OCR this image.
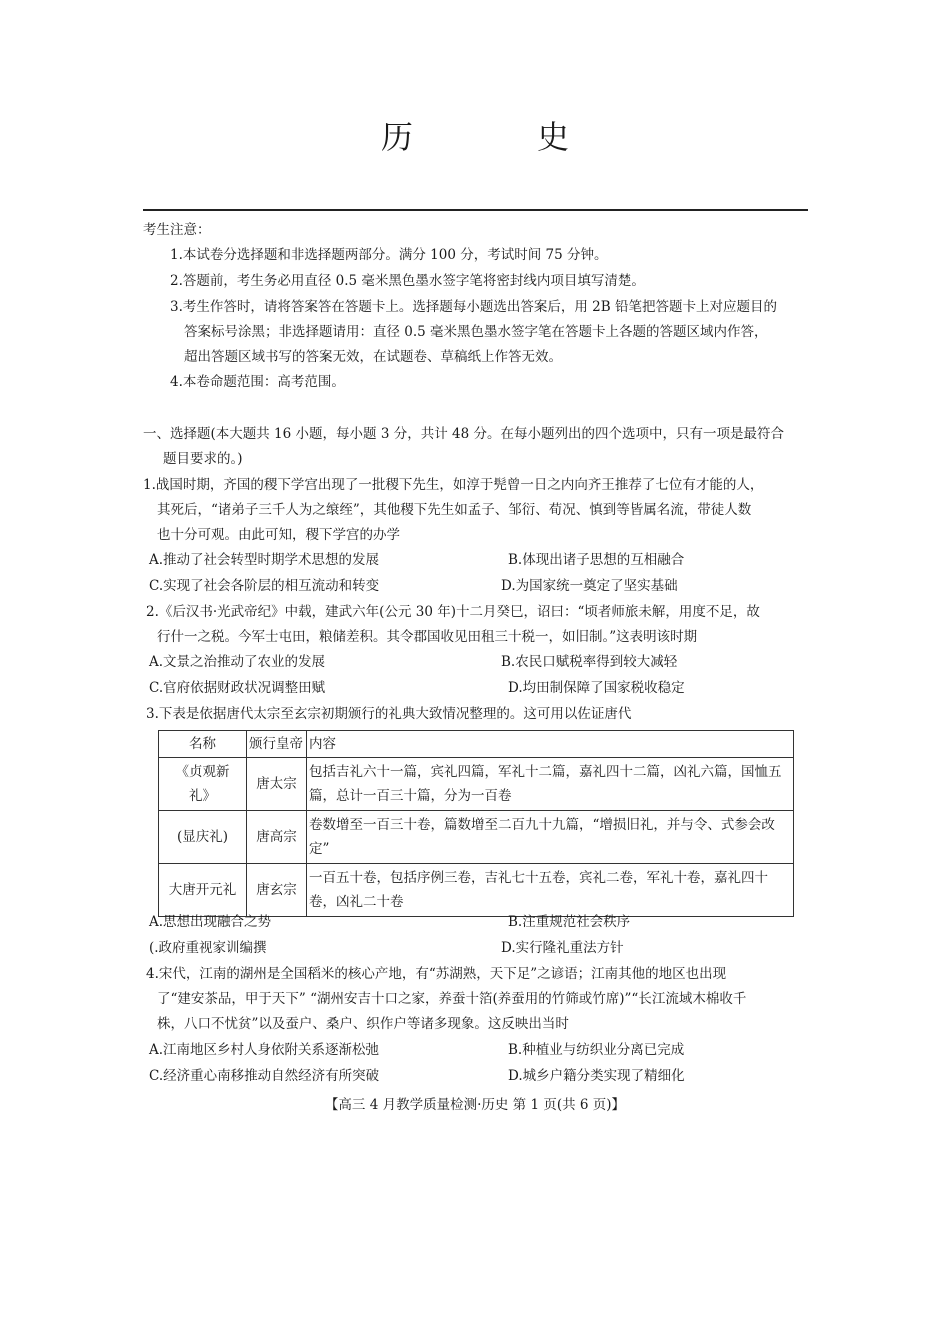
历　史
考生注意：
1.本试卷分选择题和非选择题两部分。满分 100 分，考试时间 75 分钟。
2.答题前，考生务必用直径 0.5 毫米黑色墨水签字笔将密封线内项目填写清楚。
3.考生作答时，请将答案答在答题卡上。选择题每小题选出答案后，用 2B 铅笔把答题卡上对应题目的
答案标号涂黑；非选择题请用：直径 0.5 毫米黑色墨水签字笔在答题卡上各题的答题区域内作答，
超出答题区域书写的答案无效，在试题卷、草稿纸上作答无效。
4.本卷命题范围：高考范围。
一、选择题(本大题共 16 小题，每小题 3 分，共计 48 分。在每小题列出的四个选项中，只有一项是最符合
题目要求的。)
1.战国时期，齐国的稷下学宫出现了一批稷下先生，如淳于髡曾一日之内向齐王推荐了七位有才能的人，
其死后，“诸弟子三千人为之缞绖”，其他稷下先生如孟子、邹衍、荀况、慎到等皆属名流，带徒人数
也十分可观。由此可知，稷下学宫的办学
A.推动了社会转型时期学术思想的发展	B.体现出诸子思想的互相融合
C.实现了社会各阶层的相互流动和转变	D.为国家统一奠定了坚实基础
2.《后汉书·光武帝纪》中载，建武六年(公元 30 年)十二月癸巳，诏曰：“顷者师旅未解，用度不足，故
行什一之税。今军士屯田，粮储差积。其令郡国收见田租三十税一，如旧制。”这表明该时期
A.文景之治推动了农业的发展	B.农民口赋税率得到较大减轻
C.官府依据财政状况调整田赋	D.均田制保障了国家税收稳定
3.下表是依据唐代太宗至玄宗初期颁行的礼典大致情况整理的。这可用以佐证唐代
名称	颁行皇帝	内容
《贞观新礼》	唐太宗	包括吉礼六十一篇，宾礼四篇，军礼十二篇，嘉礼四十二篇，凶礼六篇，国恤五篇，总计一百三十篇，分为一百卷
(显庆礼)	唐高宗	卷数增至一百三十卷，篇数增至二百九十九篇，“增损旧礼，并与令、式参会改定”
大唐开元礼	唐玄宗	一百五十卷，包括序例三卷，吉礼七十五卷，宾礼二卷，军礼十卷，嘉礼四十卷，凶礼二十卷
A.思想出现融合之势	B.注重规范社会秩序
(.政府重视家训编撰	D.实行隆礼重法方针
4.宋代，江南的湖州是全国稻米的核心产地，有“苏湖熟，天下足”之谚语；江南其他的地区也出现
了“建安茶品，甲于天下” “湖州安吉十口之家，养蚕十箔(养蚕用的竹筛或竹席)”“长江流域木棉收千
株，八口不忧贫”以及蚕户、桑户、织作户等诸多现象。这反映出当时
A.江南地区乡村人身依附关系逐渐松弛	B.种植业与纺织业分离已完成
C.经济重心南移推动自然经济有所突破	D.城乡户籍分类实现了精细化
【高三 4 月教学质量检测·历史 第 1 页(共 6 页)】
